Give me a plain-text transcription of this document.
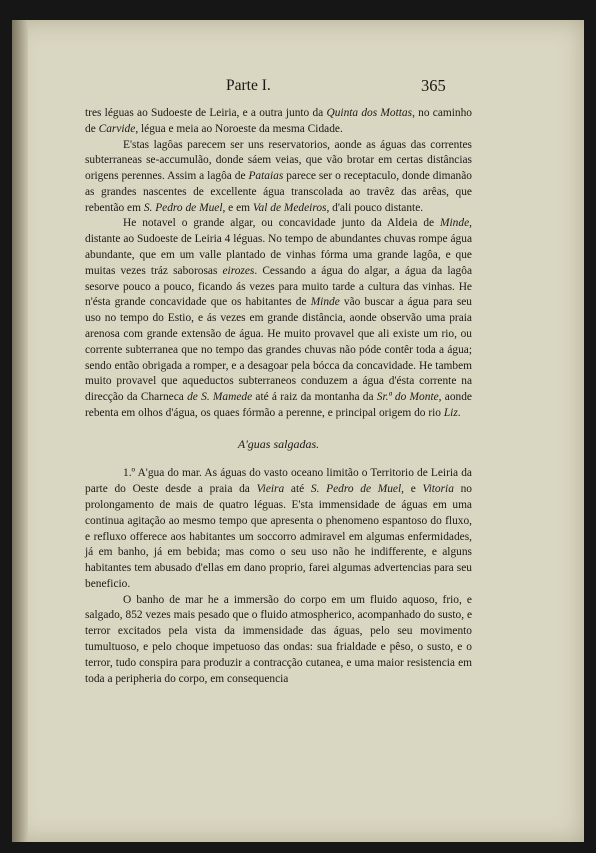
Parte I.	365

tres léguas ao Sudoeste de Leiria, e a outra junto da Quinta dos Mottas, no caminho de Carvide, légua e meia ao Noroeste da mesma Cidade.

E'stas lagôas parecem ser uns reservatorios, aonde as águas das correntes subterraneas se-accumulão, donde sáem veias, que vão brotar em certas distâncias origens perennes. Assim a lagôa de Pataias parece ser o receptaculo, donde dimanão as grandes nascentes de excellente água transcolada ao travêz das arêas, que rebentão em S. Pedro de Muel, e em Val de Medeiros, d'ali pouco distante.

He notavel o grande algar, ou concavidade junto da Aldeia de Minde, distante ao Sudoeste de Leiria 4 léguas. No tempo de abundantes chuvas rompe água abundante, que em um valle plantado de vinhas fórma uma grande lagôa, e que muitas vezes tráz saborosas eirozes. Cessando a água do algar, a água da lagôa sesorve pouco a pouco, ficando ás vezes para muito tarde a cultura das vinhas. He n'ésta grande concavidade que os habitantes de Minde vão buscar a água para seu uso no tempo do Estio, e ás vezes em grande distância, aonde observão uma praia arenosa com grande extensão de água. He muito provavel que ali existe um rio, ou corrente subterranea que no tempo das grandes chuvas não póde contêr toda a água; sendo então obrigada a romper, e a desagoar pela bócca da concavidade. He tambem muito provavel que aqueductos subterraneos conduzem a água d'ésta corrente na direcção da Charneca de S. Mamede até á raiz da montanha da Sr.ª do Monte, aonde rebenta em olhos d'água, os quaes fórmão a perenne, e principal origem do rio Liz.

A'guas salgadas.

1.º A'gua do mar. As águas do vasto oceano limitão o Territorio de Leiria da parte do Oeste desde a praia da Vieira até S. Pedro de Muel, e Vitoria no prolongamento de mais de quatro léguas. E'sta immensidade de águas em uma continua agitação ao mesmo tempo que apresenta o phenomeno espantoso do fluxo, e refluxo offerece aos habitantes um soccorro admiravel em algumas enfermidades, já em banho, já em bebida; mas como o seu uso não he indifferente, e alguns habitantes tem abusado d'ellas em dano proprio, farei algumas advertencias para seu beneficio.

O banho de mar he a immersão do corpo em um fluido aquoso, frio, e salgado, 852 vezes mais pesado que o fluido atmospherico, acompanhado do susto, e terror excitados pela vista da immensidade das águas, pelo seu movimento tumultuoso, e pelo choque impetuoso das ondas: sua frialdade e pêso, o susto, e o terror, tudo conspira para produzir a contracção cutanea, e uma maior resistencia em toda a peripheria do corpo, em consequencia
